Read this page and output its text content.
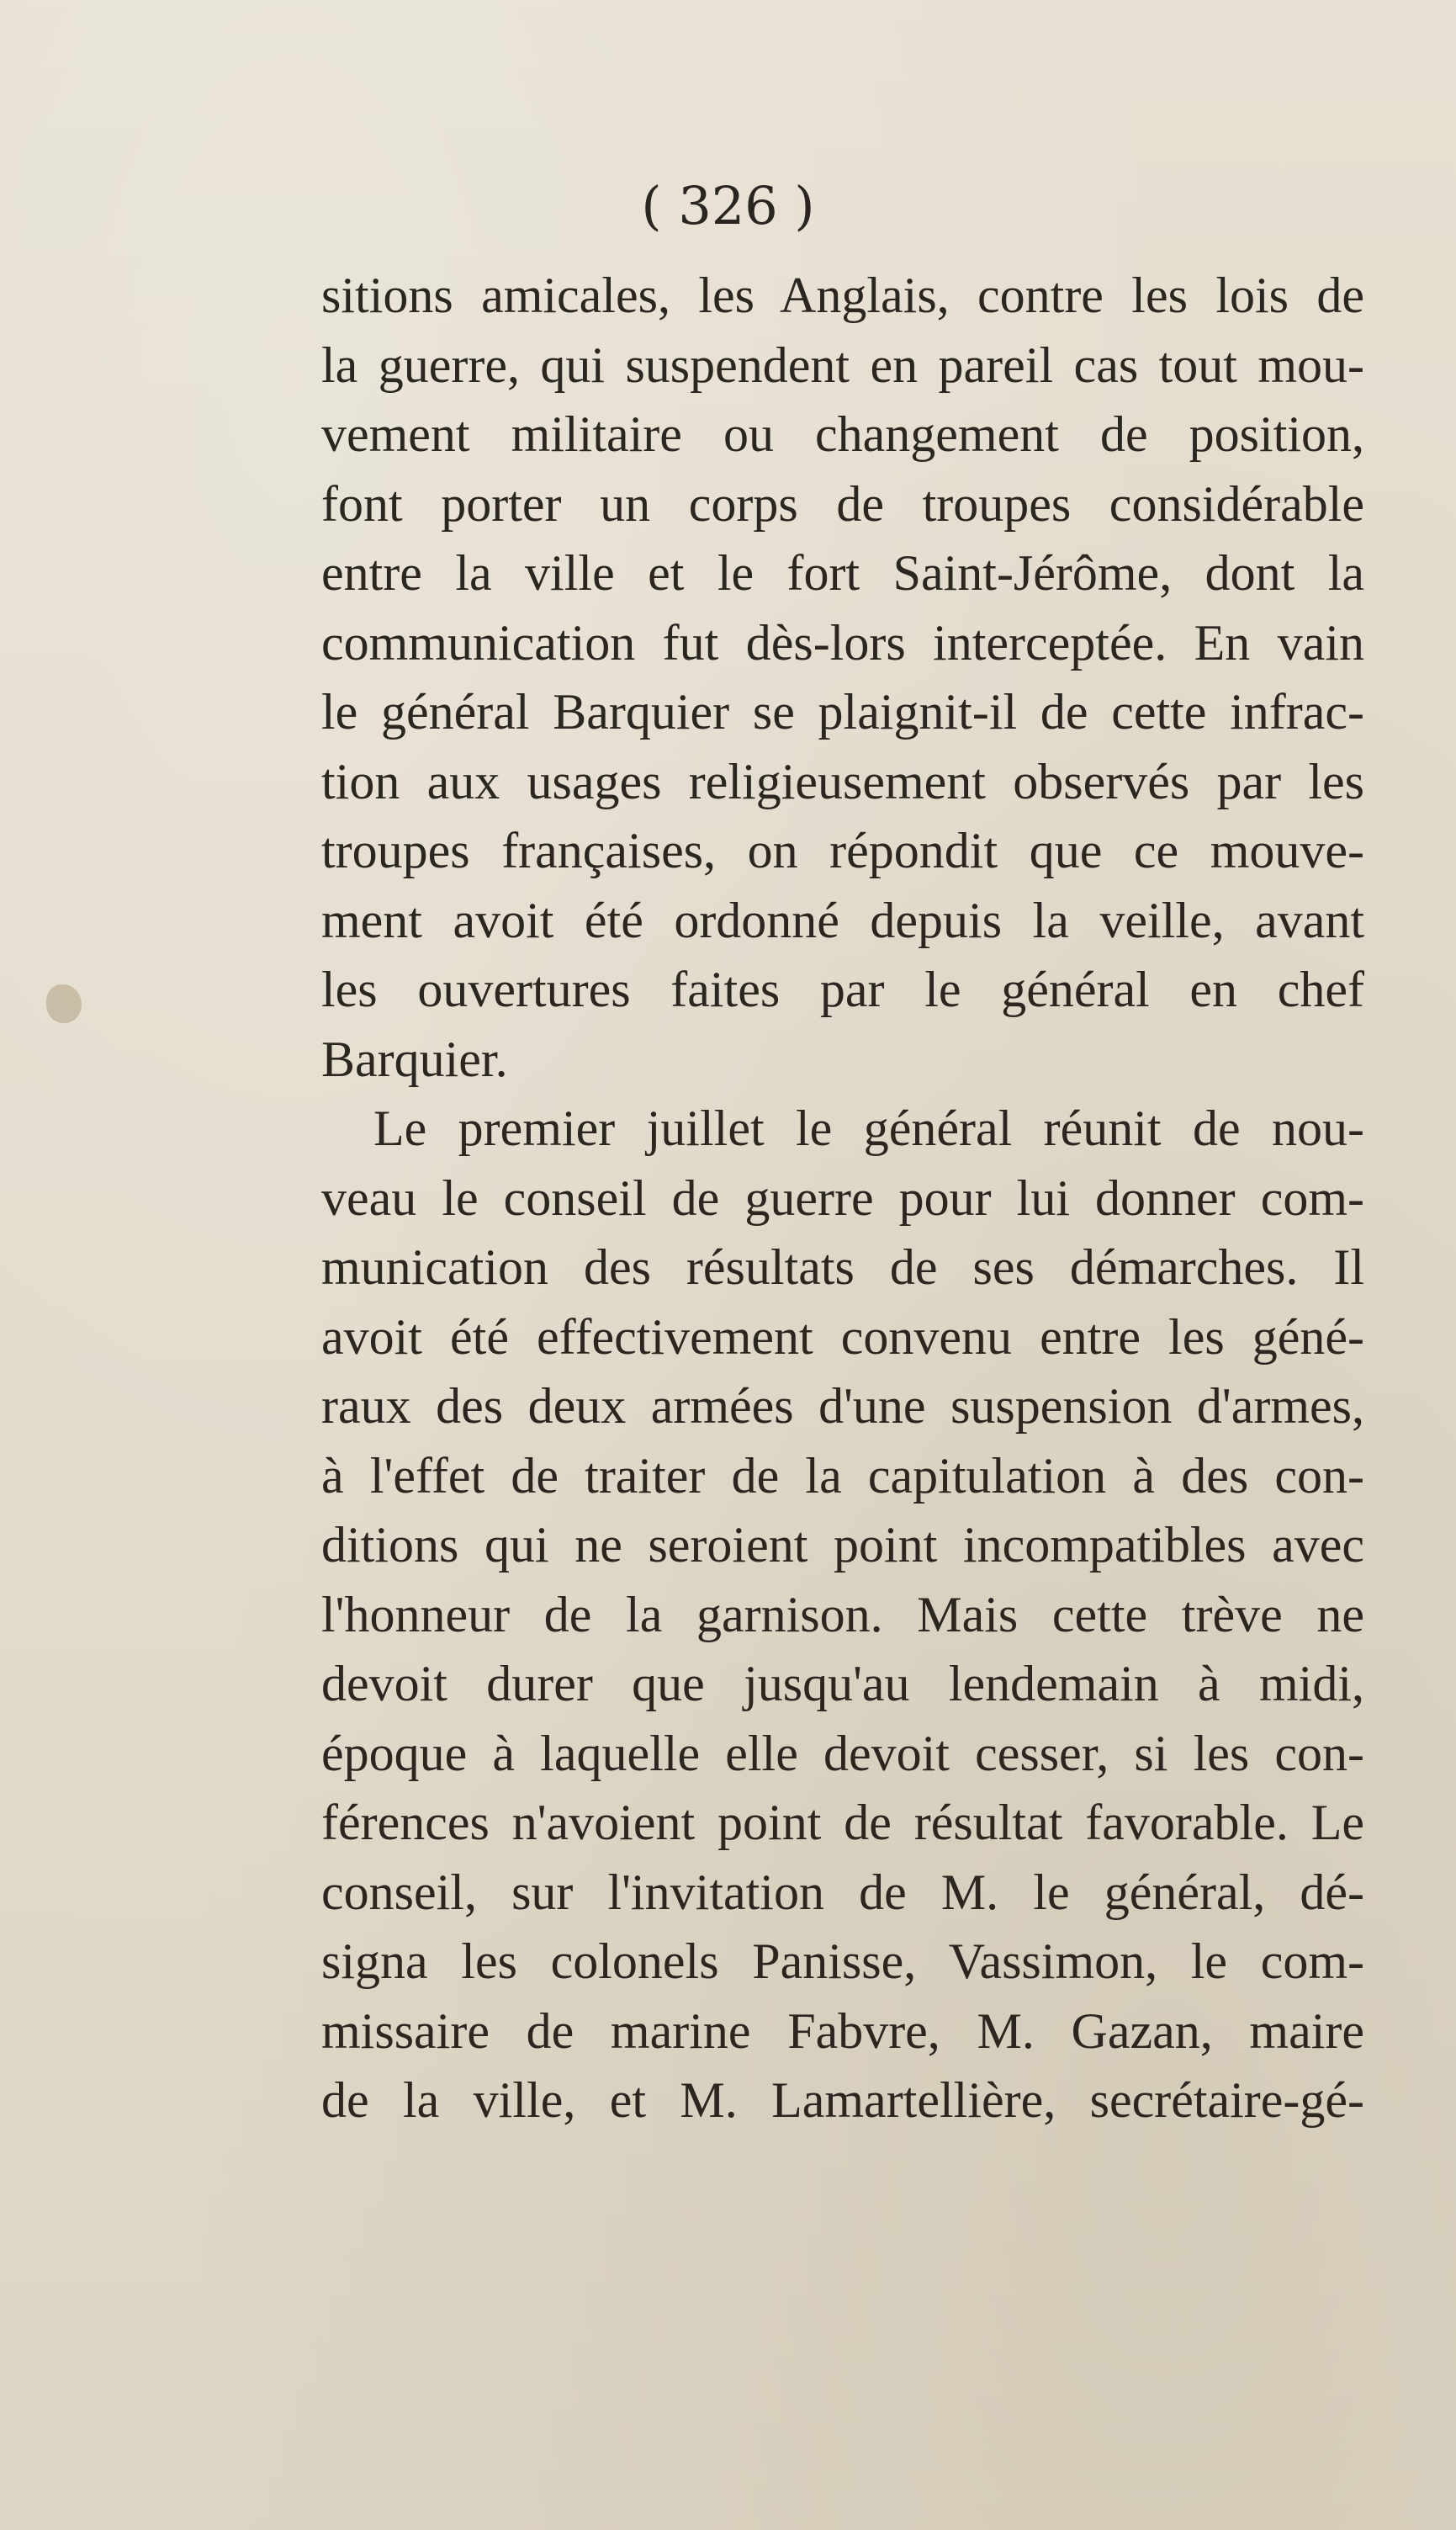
( 326 )
sitions amicales, les Anglais, contre les lois de
la guerre, qui suspendent en pareil cas tout mou-
vement militaire ou changement de position,
font porter un corps de troupes considérable
entre la ville et le fort Saint-Jérôme, dont la
communication fut dès-lors interceptée. En vain
le général Barquier se plaignit-il de cette infrac-
tion aux usages religieusement observés par les
troupes françaises, on répondit que ce mouve-
ment avoit été ordonné depuis la veille, avant
les ouvertures faites par le général en chef
Barquier.
Le premier juillet le général réunit de nou-
veau le conseil de guerre pour lui donner com-
munication des résultats de ses démarches. Il
avoit été effectivement convenu entre les géné-
raux des deux armées d'une suspension d'armes,
à l'effet de traiter de la capitulation à des con-
ditions qui ne seroient point incompatibles avec
l'honneur de la garnison. Mais cette trève ne
devoit durer que jusqu'au lendemain à midi,
époque à laquelle elle devoit cesser, si les con-
férences n'avoient point de résultat favorable. Le
conseil, sur l'invitation de M. le général, dé-
signa les colonels Panisse, Vassimon, le com-
missaire de marine Fabvre, M. Gazan, maire
de la ville, et M. Lamartellière, secrétaire-gé-
